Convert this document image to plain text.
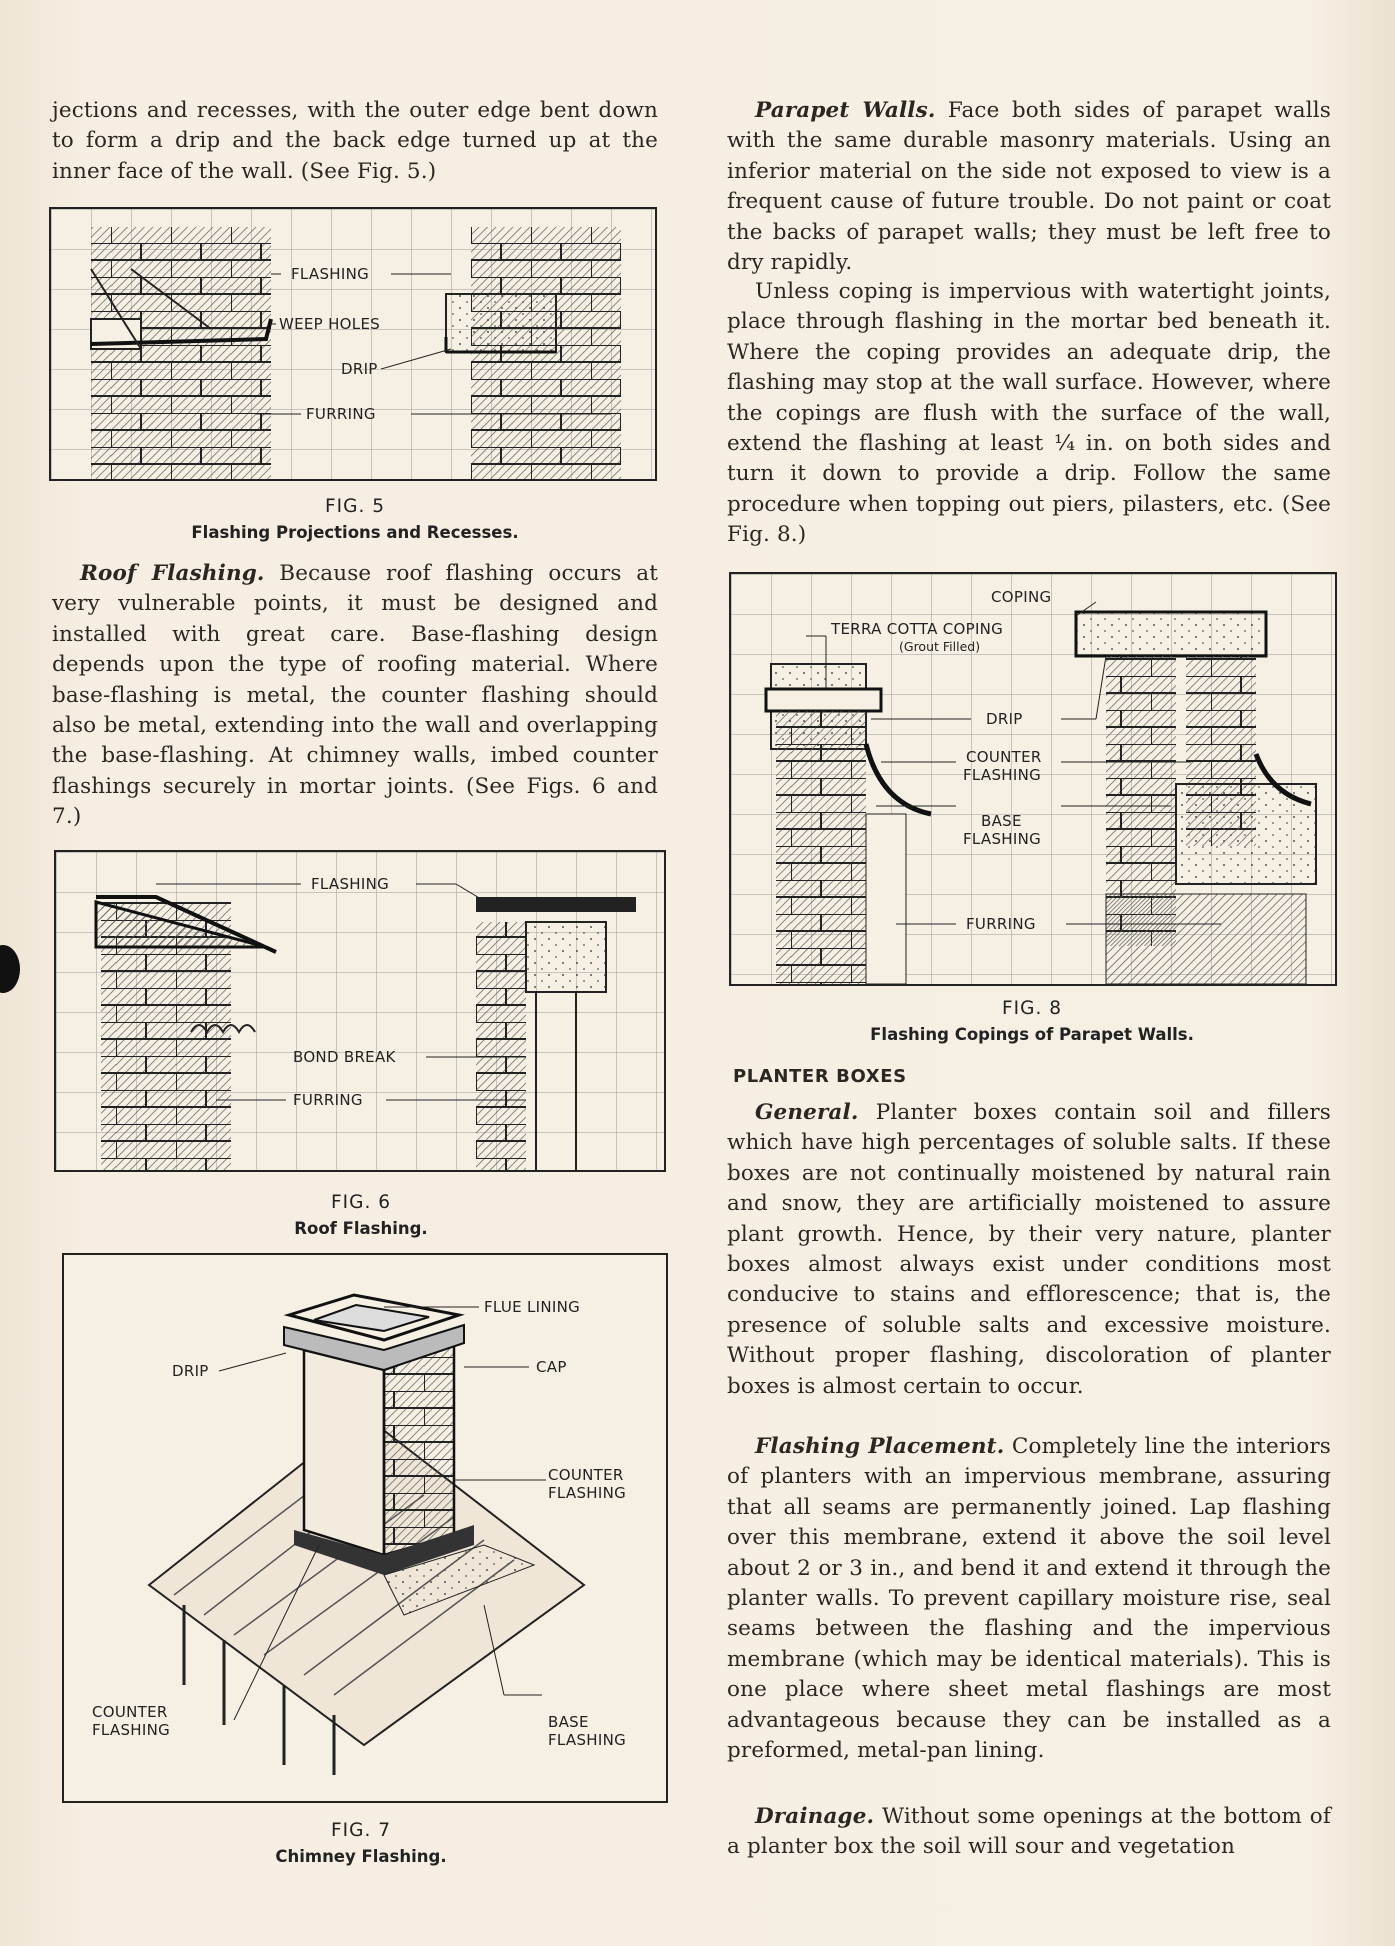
jections and recesses, with the outer edge bent down to form a drip and the back edge turned up at the inner face of the wall. (See Fig. 5.)

FLASHING
WEEP HOLES
DRIP
FURRING
FIG. 5
Flashing Projections and Recesses.

Roof Flashing. Because roof flashing occurs at very vulnerable points, it must be designed and installed with great care. Base-flashing design depends upon the type of roofing material. Where base-flashing is metal, the counter flashing should also be metal, extending into the wall and overlapping the base-flashing. At chimney walls, imbed counter flashings securely in mortar joints. (See Figs. 6 and 7.)

FLASHING
BOND BREAK
FURRING
FIG. 6
Roof Flashing.
FLUE LINING
DRIP	CAP
COUNTER
FLASHING
COUNTER
FLASHING	BASE
FLASHING
FIG. 7
Chimney Flashing.

Parapet Walls. Face both sides of parapet walls with the same durable masonry materials. Using an inferior material on the side not exposed to view is a frequent cause of future trouble. Do not paint or coat the backs of parapet walls; they must be left free to dry rapidly.

Unless coping is impervious with watertight joints, place through flashing in the mortar bed beneath it. Where the coping provides an adequate drip, the flashing may stop at the wall surface. However, where the copings are flush with the surface of the wall, extend the flashing at least ¼ in. on both sides and turn it down to provide a drip. Follow the same procedure when topping out piers, pilasters, etc. (See Fig. 8.)

COPING
TERRA COTTA COPING
(Grout Filled)
DRIP
COUNTER
FLASHING
BASE
FLASHING
FURRING
FIG. 8
Flashing Copings of Parapet Walls.
PLANTER BOXES

General. Planter boxes contain soil and fillers which have high percentages of soluble salts. If these boxes are not continually moistened by natural rain and snow, they are artificially moistened to assure plant growth. Hence, by their very nature, planter boxes almost always exist under conditions most conducive to stains and efflorescence; that is, the presence of soluble salts and excessive moisture. Without proper flashing, discoloration of planter boxes is almost certain to occur.

Flashing Placement. Completely line the interiors of planters with an impervious membrane, assuring that all seams are permanently joined. Lap flashing over this membrane, extend it above the soil level about 2 or 3 in., and bend it and extend it through the planter walls. To prevent capillary moisture rise, seal seams between the flashing and the impervious membrane (which may be identical materials). This is one place where sheet metal flashings are most advantageous because they can be installed as a preformed, metal-pan lining.

Drainage. Without some openings at the bottom of a planter box the soil will sour and vegetation
